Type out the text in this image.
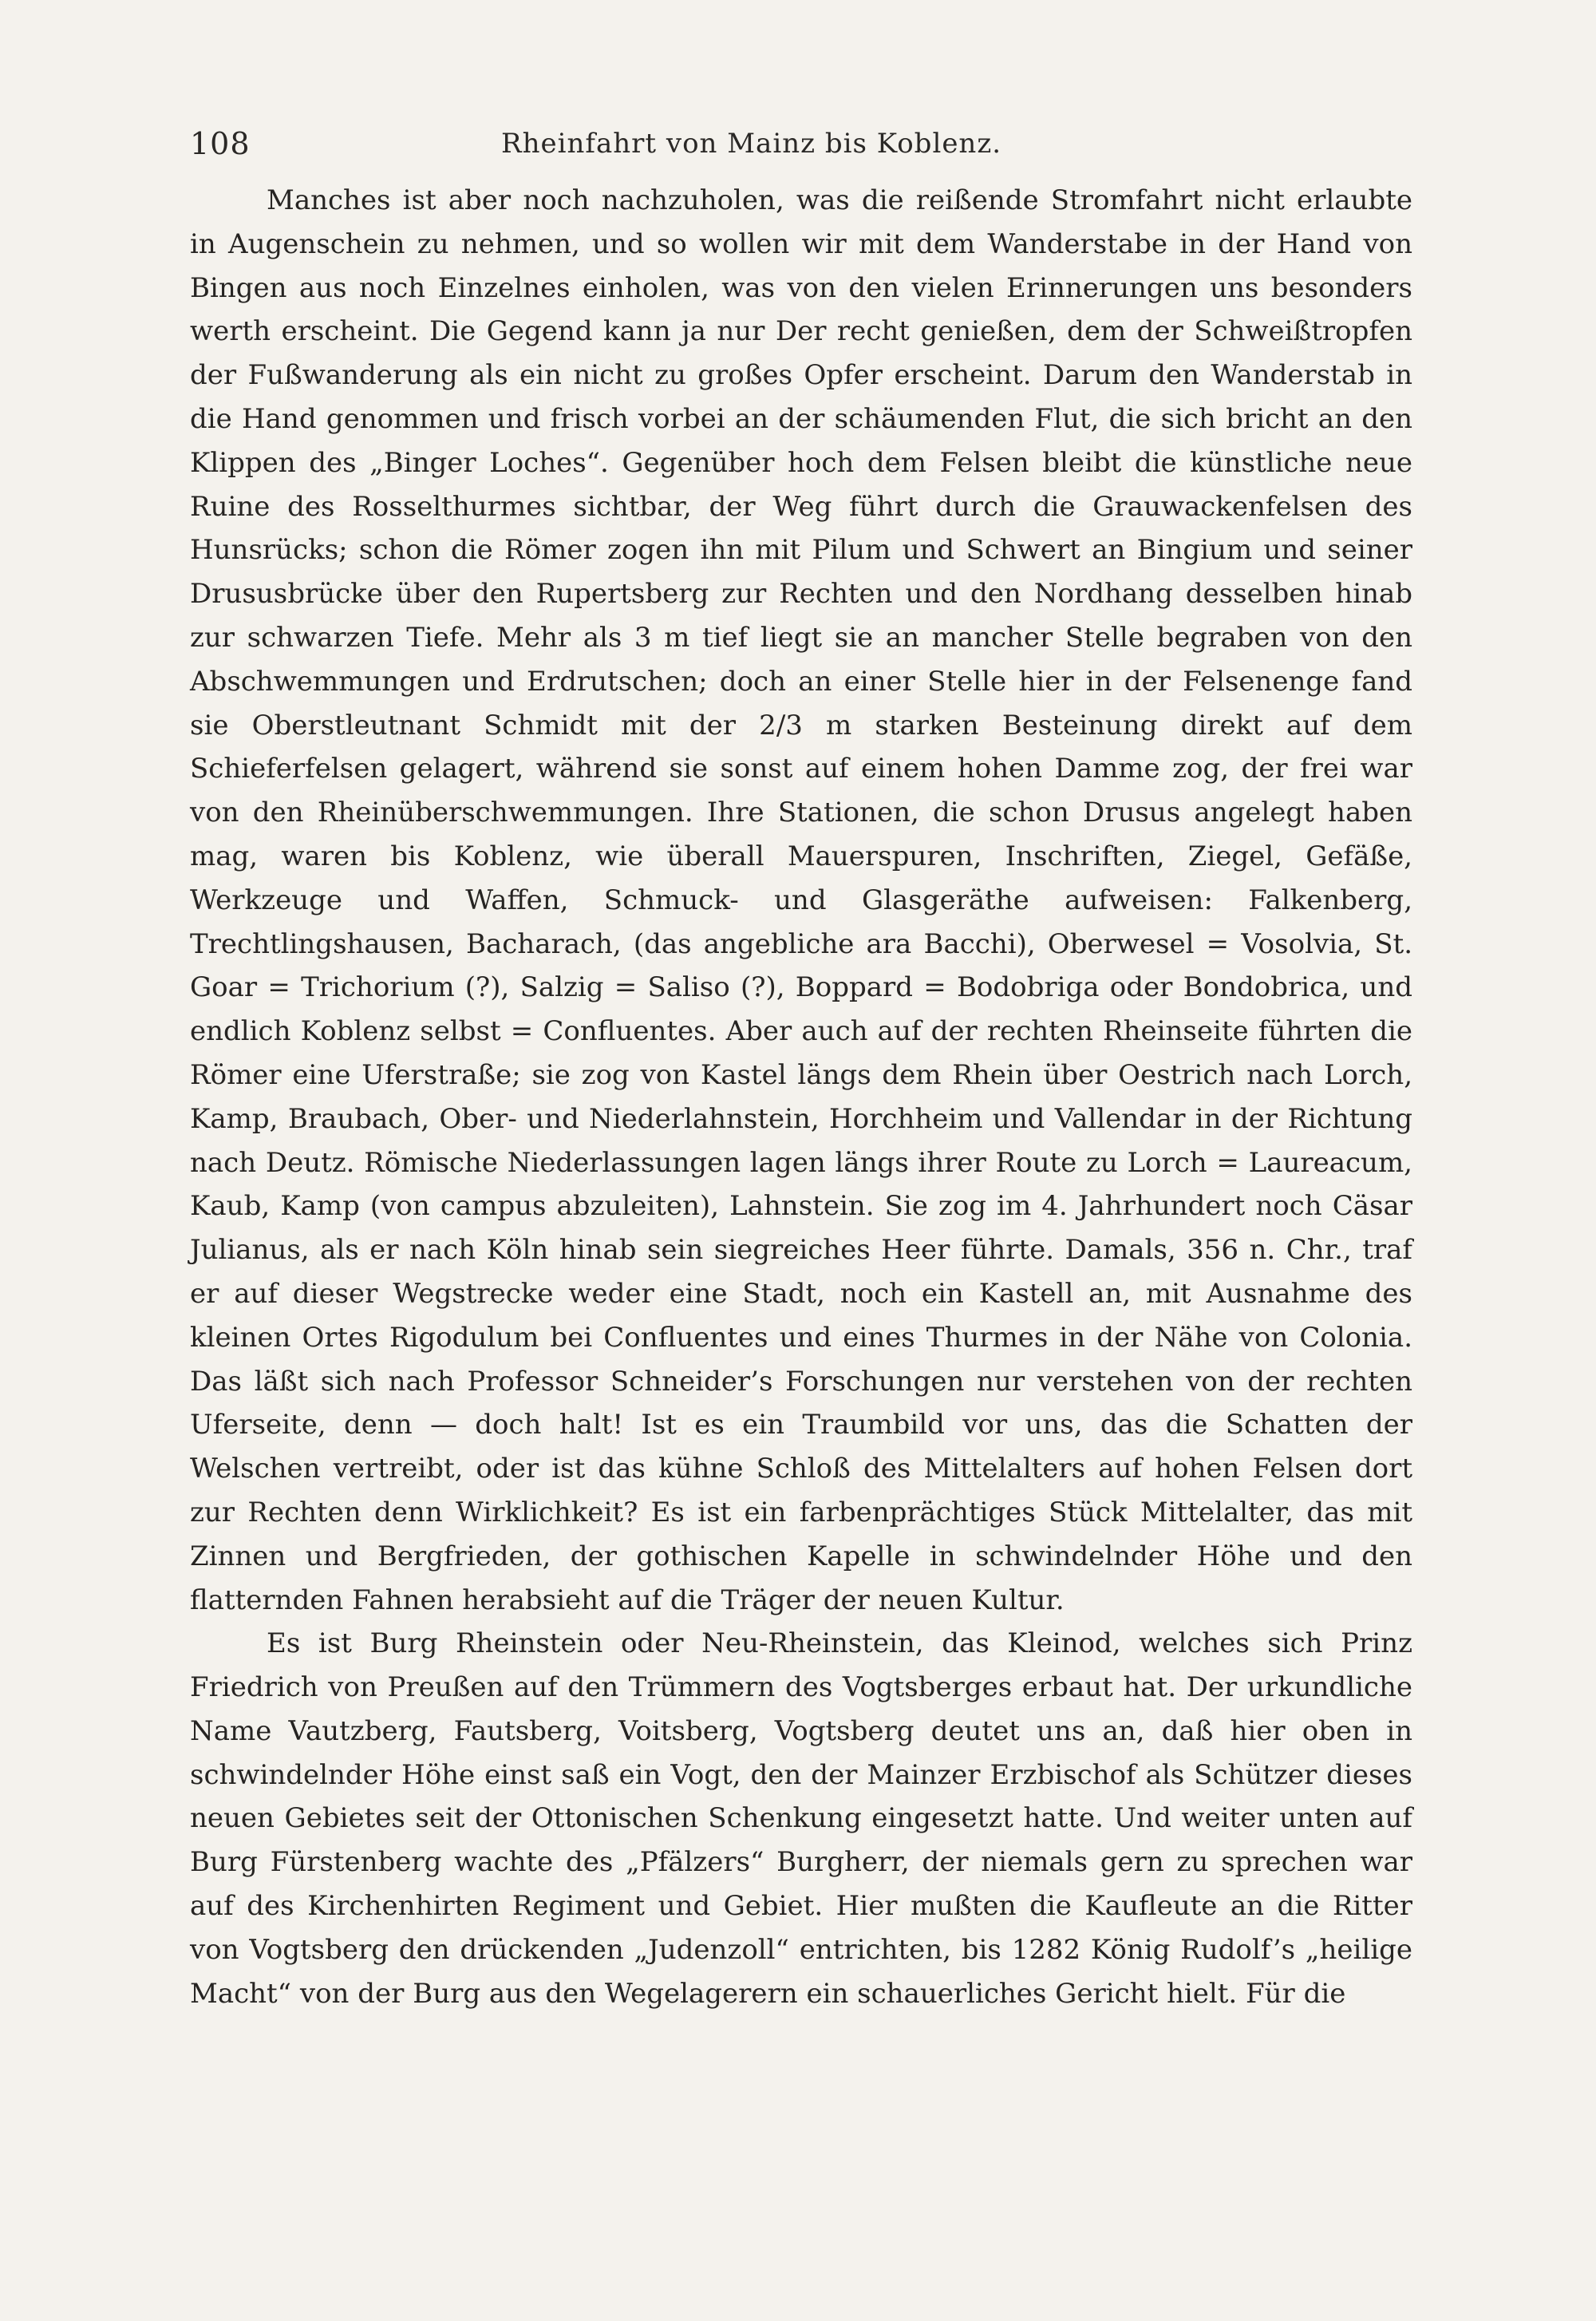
108	Rheinfahrt von Mainz bis Koblenz.

Manches ist aber noch nachzuholen, was die reißende Stromfahrt nicht erlaubte in Augenschein zu nehmen, und so wollen wir mit dem Wanderstabe in der Hand von Bingen aus noch Einzelnes einholen, was von den vielen Erinnerungen uns besonders werth erscheint. Die Gegend kann ja nur Der recht genießen, dem der Schweißtropfen der Fußwanderung als ein nicht zu großes Opfer erscheint. Darum den Wanderstab in die Hand genommen und frisch vorbei an der schäumenden Flut, die sich bricht an den Klippen des „Binger Loches“. Gegenüber hoch dem Felsen bleibt die künstliche neue Ruine des Rosselthurmes sichtbar, der Weg führt durch die Grauwackenfelsen des Hunsrücks; schon die Römer zogen ihn mit Pilum und Schwert an Bingium und seiner Drususbrücke über den Rupertsberg zur Rechten und den Nordhang desselben hinab zur schwarzen Tiefe. Mehr als 3 m tief liegt sie an mancher Stelle begraben von den Abschwemmungen und Erdrutschen; doch an einer Stelle hier in der Felsenenge fand sie Oberstleutnant Schmidt mit der 2/3 m starken Besteinung direkt auf dem Schieferfelsen gelagert, während sie sonst auf einem hohen Damme zog, der frei war von den Rheinüberschwemmungen. Ihre Stationen, die schon Drusus angelegt haben mag, waren bis Koblenz, wie überall Mauerspuren, Inschriften, Ziegel, Gefäße, Werkzeuge und Waffen, Schmuck- und Glasgeräthe aufweisen: Falkenberg, Trechtlingshausen, Bacharach, (das angebliche ara Bacchi), Oberwesel = Vosolvia, St. Goar = Trichorium (?), Salzig = Saliso (?), Boppard = Bodobriga oder Bondobrica, und endlich Koblenz selbst = Confluentes. Aber auch auf der rechten Rheinseite führten die Römer eine Uferstraße; sie zog von Kastel längs dem Rhein über Oestrich nach Lorch, Kamp, Braubach, Ober- und Niederlahnstein, Horchheim und Vallendar in der Richtung nach Deutz. Römische Niederlassungen lagen längs ihrer Route zu Lorch = Laureacum, Kaub, Kamp (von campus abzuleiten), Lahnstein. Sie zog im 4. Jahrhundert noch Cäsar Julianus, als er nach Köln hinab sein siegreiches Heer führte. Damals, 356 n. Chr., traf er auf dieser Wegstrecke weder eine Stadt, noch ein Kastell an, mit Ausnahme des kleinen Ortes Rigodulum bei Confluentes und eines Thurmes in der Nähe von Colonia. Das läßt sich nach Professor Schneider’s Forschungen nur verstehen von der rechten Uferseite, denn — doch halt! Ist es ein Traumbild vor uns, das die Schatten der Welschen vertreibt, oder ist das kühne Schloß des Mittelalters auf hohen Felsen dort zur Rechten denn Wirklichkeit? Es ist ein farbenprächtiges Stück Mittelalter, das mit Zinnen und Bergfrieden, der gothischen Kapelle in schwindelnder Höhe und den flatternden Fahnen herabsieht auf die Träger der neuen Kultur.

Es ist Burg Rheinstein oder Neu-Rheinstein, das Kleinod, welches sich Prinz Friedrich von Preußen auf den Trümmern des Vogtsberges erbaut hat. Der urkundliche Name Vautzberg, Fautsberg, Voitsberg, Vogtsberg deutet uns an, daß hier oben in schwindelnder Höhe einst saß ein Vogt, den der Mainzer Erzbischof als Schützer dieses neuen Gebietes seit der Ottonischen Schenkung eingesetzt hatte. Und weiter unten auf Burg Fürstenberg wachte des „Pfälzers“ Burgherr, der niemals gern zu sprechen war auf des Kirchenhirten Regiment und Gebiet. Hier mußten die Kaufleute an die Ritter von Vogtsberg den drückenden „Judenzoll“ entrichten, bis 1282 König Rudolf’s „heilige Macht“ von der Burg aus den Wegelagerern ein schauerliches Gericht hielt. Für die
